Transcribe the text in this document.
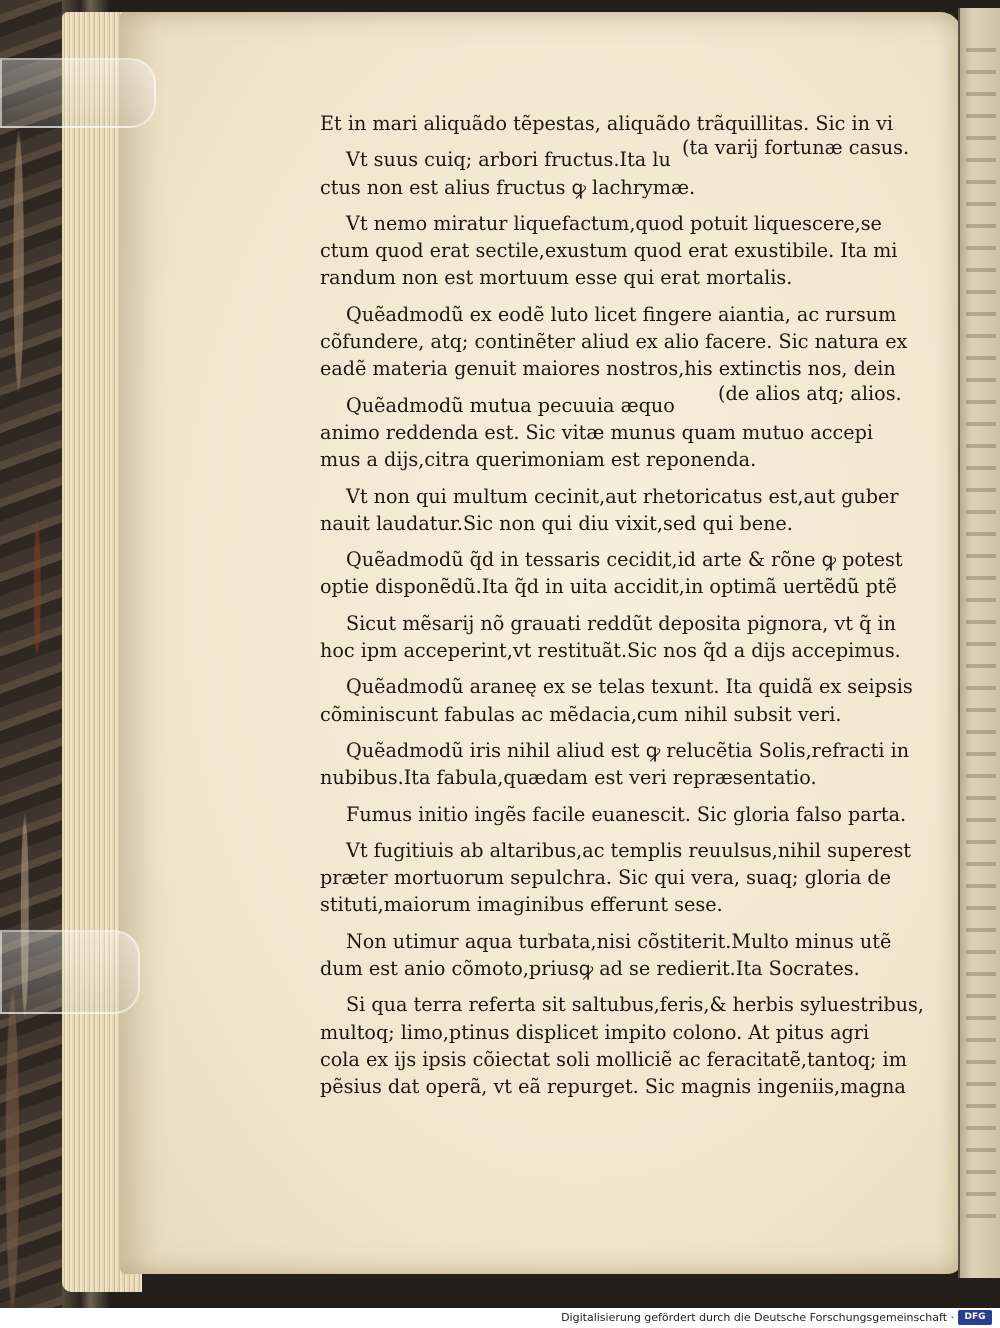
Et in mari aliquãdo tẽpestas, aliquãdo trãquillitas. Sic in vi
Vt suus cuiq; arbori fructus.Ita lu
ctus non est alius fructus ꝙ lachrymæ.
(ta varij fortunæ casus.
Vt nemo miratur liquefactum,quod potuit liquescere,se
ctum quod erat sectile,exustum quod erat exustibile. Ita mi
randum non est mortuum esse qui erat mortalis.
Quẽadmodũ ex eodẽ luto licet fingere aiantia, ac rursum
cõfundere, atq; continẽter aliud ex alio facere. Sic natura ex
eadẽ materia genuit maiores nostros,his extinctis nos, dein
Quẽadmodũ mutua pecuuia æquo
animo reddenda est. Sic vitæ munus quam mutuo accepi
mus a dijs,citra querimoniam est reponenda.
(de alios atq; alios.
Vt non qui multum cecinit,aut rhetoricatus est,aut guber
nauit laudatur.Sic non qui diu vixit,sed qui bene.
Quẽadmodũ q̃d in tessaris cecidit,id arte & rõne ꝙ potest
optie disponẽdũ.Ita q̃d in uita accidit,in optimã uertẽdũ ptẽ
Sicut mẽsarij nõ grauati reddũt deposita pignora, vt q̃ in
hoc ipm acceperint,vt restituãt.Sic nos q̃d a dijs accepimus.
Quẽadmodũ araneę ex se telas texunt. Ita quidã ex seipsis
cõminiscunt fabulas ac mẽdacia,cum nihil subsit veri.
Quẽadmodũ iris nihil aliud est ꝙ relucẽtia Solis,refracti in
nubibus.Ita fabula,quædam est veri repræsentatio.
Fumus initio ingẽs facile euanescit. Sic gloria falso parta.
Vt fugitiuis ab altaribus,ac templis reuulsus,nihil superest
præter mortuorum sepulchra. Sic qui vera, suaq; gloria de
stituti,maiorum imaginibus efferunt sese.
Non utimur aqua turbata,nisi cõstiterit.Multo minus utẽ
dum est anio cõmoto,priusꝙ ad se redierit.Ita Socrates.
Si qua terra referta sit saltubus,feris,& herbis syluestribus,
multoq; limo,ptinus displicet impito colono. At pitus agri
cola ex ijs ipsis cõiectat soli molliciẽ ac feracitatẽ,tantoq; im
pẽsius dat operã, vt eã repurget. Sic magnis ingeniis,magna
Digitalisierung gefördert durch die Deutsche Forschungsgemeinschaft ·	DFG
